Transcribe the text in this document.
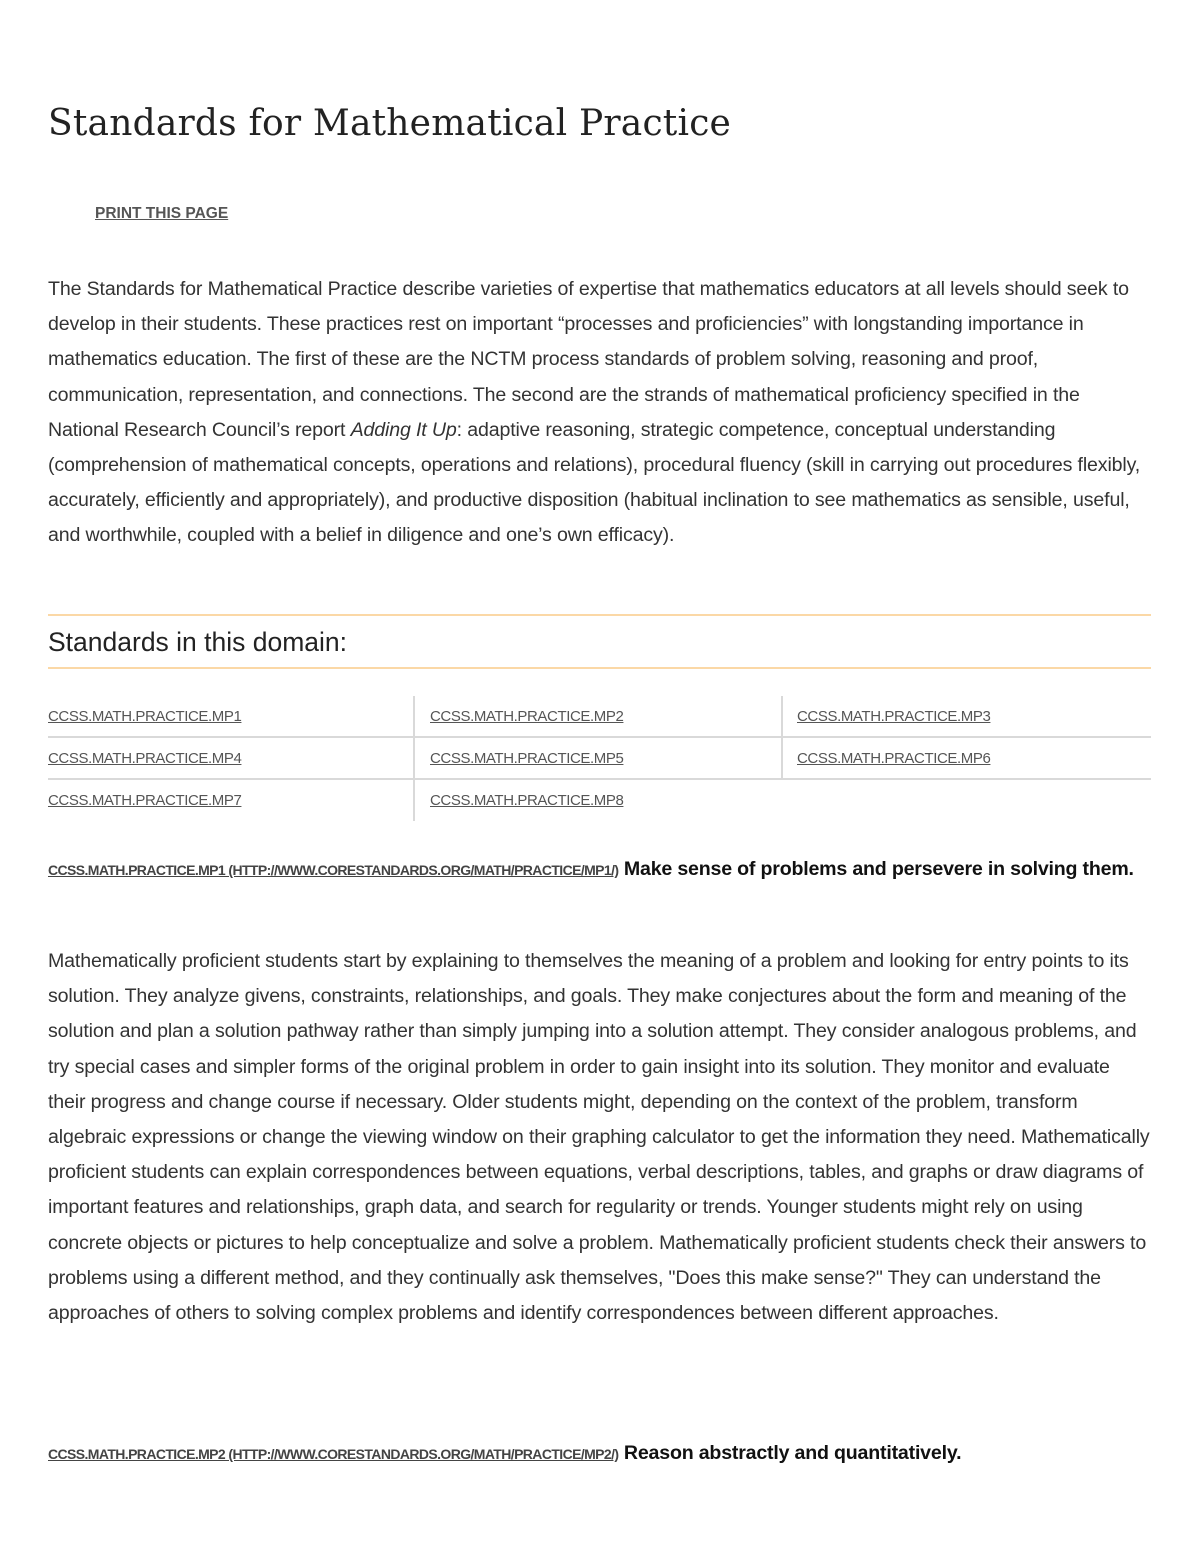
Standards for Mathematical Practice
PRINT THIS PAGE

The Standards for Mathematical Practice describe varieties of expertise that mathematics educators at all levels should seek to develop in their students. These practices rest on important “processes and proficiencies” with longstanding importance in mathematics education. The first of these are the NCTM process standards of problem solving, reasoning and proof, communication, representation, and connections. The second are the strands of mathematical proficiency specified in the National Research Council’s report Adding It Up: adaptive reasoning, strategic competence, conceptual understanding (comprehension of mathematical concepts, operations and relations), procedural fluency (skill in carrying out procedures flexibly, accurately, efficiently and appropriately), and productive disposition (habitual inclination to see mathematics as sensible, useful, and worthwhile, coupled with a belief in diligence and one’s own efficacy).

Standards in this domain:
CCSS.MATH.PRACTICE.MP1	CCSS.MATH.PRACTICE.MP2	CCSS.MATH.PRACTICE.MP3
CCSS.MATH.PRACTICE.MP4	CCSS.MATH.PRACTICE.MP5	CCSS.MATH.PRACTICE.MP6
CCSS.MATH.PRACTICE.MP7	CCSS.MATH.PRACTICE.MP8

CCSS.MATH.PRACTICE.MP1 (HTTP://WWW.CORESTANDARDS.ORG/MATH/PRACTICE/MP1/) Make sense of problems and persevere in solving them.

Mathematically proficient students start by explaining to themselves the meaning of a problem and looking for entry points to its solution. They analyze givens, constraints, relationships, and goals. They make conjectures about the form and meaning of the solution and plan a solution pathway rather than simply jumping into a solution attempt. They consider analogous problems, and try special cases and simpler forms of the original problem in order to gain insight into its solution. They monitor and evaluate their progress and change course if necessary. Older students might, depending on the context of the problem, transform algebraic expressions or change the viewing window on their graphing calculator to get the information they need. Mathematically proficient students can explain correspondences between equations, verbal descriptions, tables, and graphs or draw diagrams of important features and relationships, graph data, and search for regularity or trends. Younger students might rely on using concrete objects or pictures to help conceptualize and solve a problem. Mathematically proficient students check their answers to problems using a different method, and they continually ask themselves, "Does this make sense?" They can understand the approaches of others to solving complex problems and identify correspondences between different approaches.

CCSS.MATH.PRACTICE.MP2 (HTTP://WWW.CORESTANDARDS.ORG/MATH/PRACTICE/MP2/) Reason abstractly and quantitatively.
